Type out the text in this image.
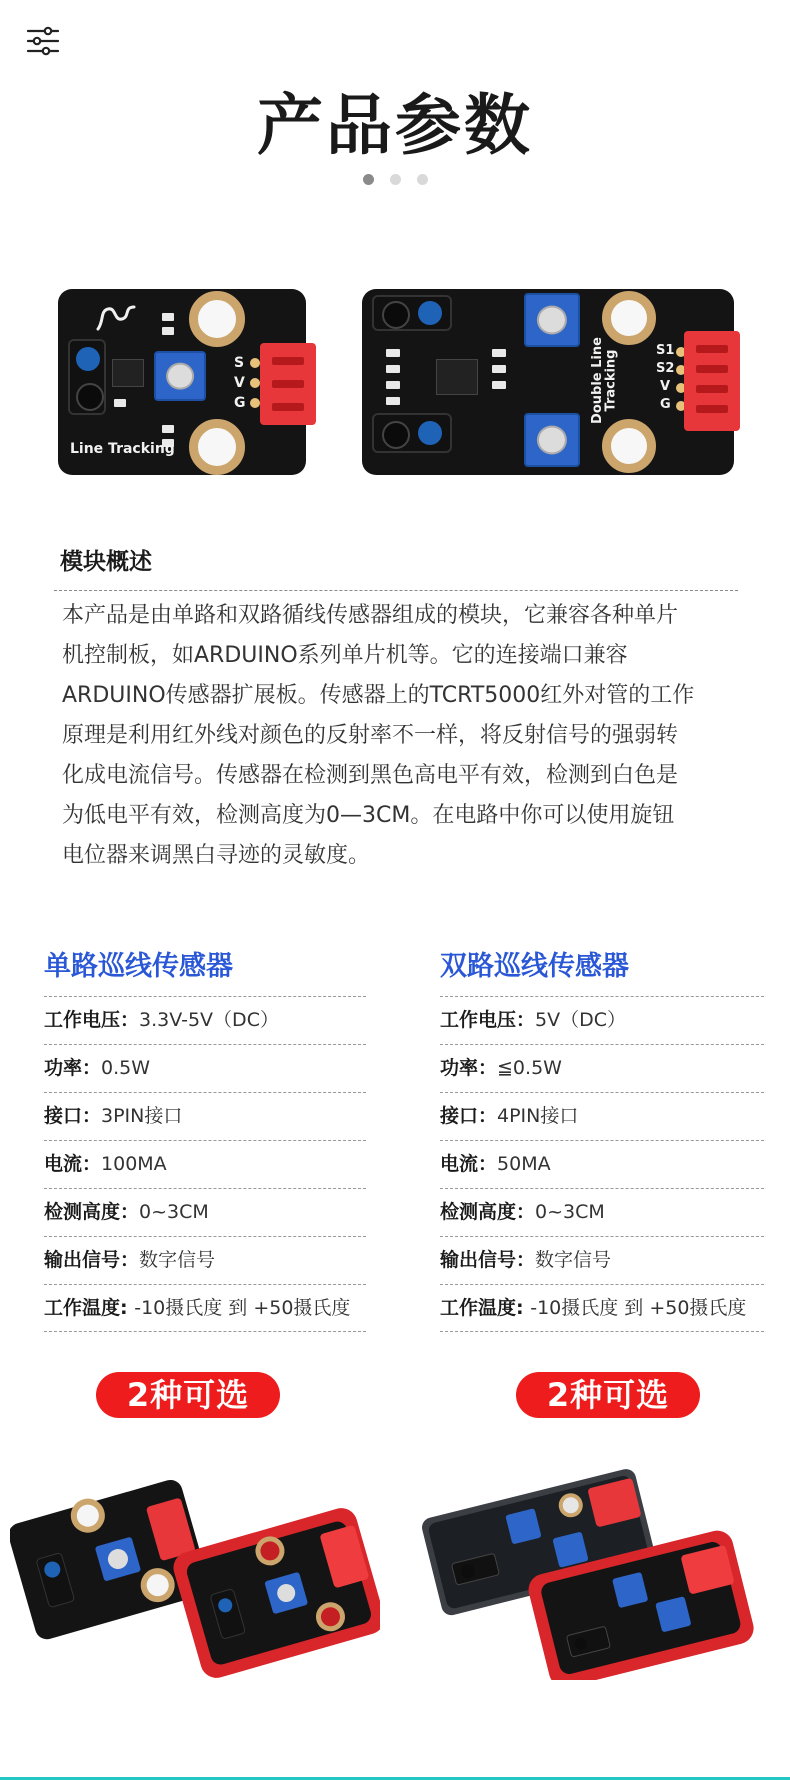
产品参数
S
V
G
Line Tracking
Double Line
Tracking	S1
S2
V
G
模块概述
本产品是由单路和双路循线传感器组成的模块，它兼容各种单片
机控制板，如ARDUINO系列单片机等。它的连接端口兼容
ARDUINO传感器扩展板。传感器上的TCRT5000红外对管的工作
原理是利用红外线对颜色的反射率不一样，将反射信号的强弱转
化成电流信号。传感器在检测到黑色高电平有效，检测到白色是
为低电平有效，检测高度为0—3CM。在电路中你可以使用旋钮
电位器来调黑白寻迹的灵敏度。
单路巡线传感器
工作电压：3.3V-5V（DC）
功率：0.5W
接口：3PIN接口
电流：100MA
检测高度：0~3CM
输出信号：数字信号
工作温度: -10摄氏度 到 +50摄氏度
双路巡线传感器
工作电压：5V（DC）
功率：≦0.5W
接口：4PIN接口
电流：50MA
检测高度：0~3CM
输出信号：数字信号
工作温度: -10摄氏度 到 +50摄氏度
2种可选	2种可选
